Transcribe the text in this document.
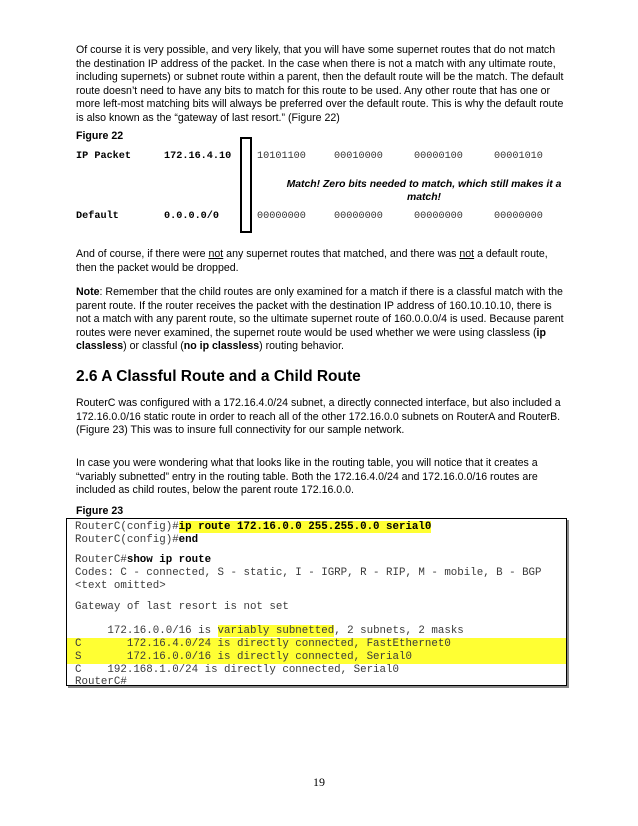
Of course it is very possible, and very likely, that you will have some supernet routes that do not match the destination IP address of the packet. In the case when there is not a match with any ultimate route, including supernets) or subnet route within a parent, then the default route will be the match. The default route doesn’t need to have any bits to match for this route to be used. Any other route that has one or more left-most matching bits will always be preferred over the default route. This is why the default route is also known as the “gateway of last resort.” (Figure 22)

Figure 22

IP Packet	172.16.4.10	10101100	00010000	00000100	00001010

Match! Zero bits needed to match, which still makes it a match!

Default	0.0.0.0/0	00000000	00000000	00000000	00000000

And of course, if there were not any supernet routes that matched, and there was not a default route, then the packet would be dropped.

Note: Remember that the child routes are only examined for a match if there is a classful match with the parent route. If the router receives the packet with the destination IP address of 160.10.10.10, there is not a match with any parent route, so the ultimate supernet route of 160.0.0.0/4 is used. Because parent routes were never examined, the supernet route would be used whether we were using classless (ip classless) or classful (no ip classless) routing behavior.

2.6 A Classful Route and a Child Route

RouterC was configured with a 172.16.4.0/24 subnet, a directly connected interface, but also included a 172.16.0.0/16 static route in order to reach all of the other 172.16.0.0 subnets on RouterA and RouterB. (Figure 23) This was to insure full connectivity for our sample network.

In case you were wondering what that looks like in the routing table, you will notice that it creates a “variably subnetted” entry in the routing table. Both the 172.16.4.0/24 and 172.16.0.0/16 routes are included as child routes, below the parent route 172.16.0.0.

Figure 23

RouterC(config)#ip route 172.16.0.0 255.255.0.0 serial0
RouterC(config)#end
RouterC#show ip route
Codes: C - connected, S - static, I - IGRP, R - RIP, M - mobile, B - BGP
<text omitted>
Gateway of last resort is not set
172.16.0.0/16 is variably subnetted, 2 subnets, 2 masks
C       172.16.4.0/24 is directly connected, FastEthernet0
S       172.16.0.0/16 is directly connected, Serial0
C    192.168.1.0/24 is directly connected, Serial0
RouterC#

19
